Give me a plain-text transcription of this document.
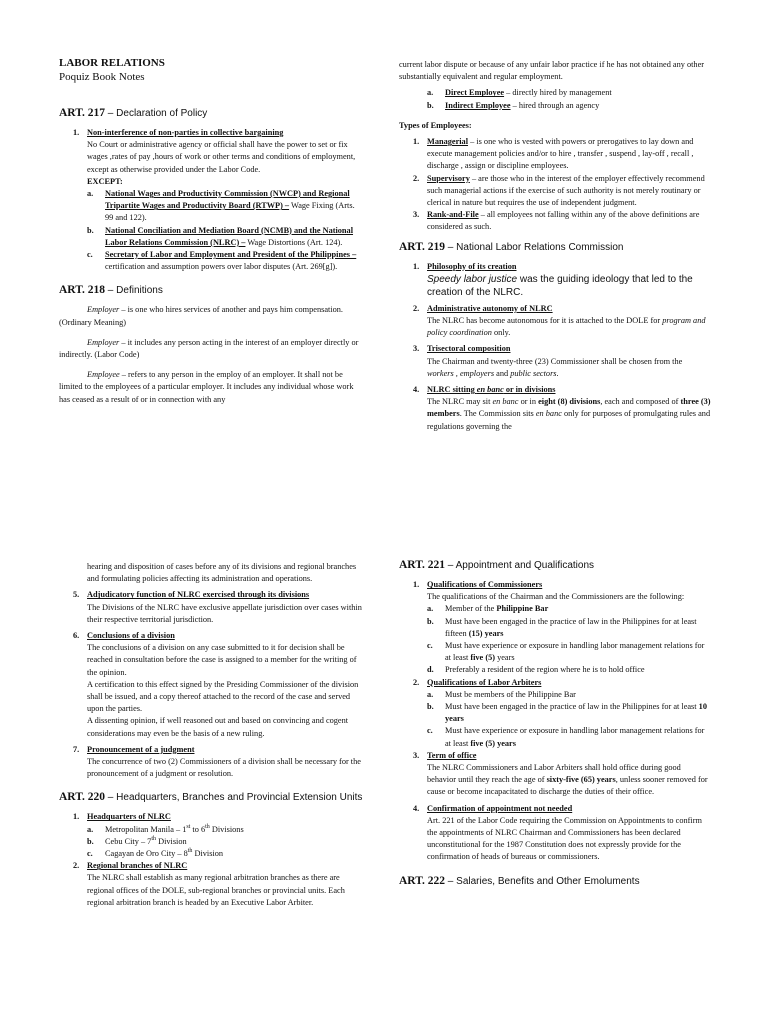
LABOR RELATIONS
Poquiz Book Notes
ART. 217 – Declaration of Policy
1. Non-interference of non-parties in collective bargaining

No Court or administrative agency or official shall have the power to set or fix wages ,rates of pay ,hours of work or other terms and conditions of employment, except as otherwise provided under the Labor Code.

EXCEPT:
a. National Wages and Productivity Commission (NWCP) and Regional Tripartite Wages and Productivity Board (RTWP) – Wage Fixing (Arts. 99 and 122).
b. National Conciliation and Mediation Board (NCMB) and the National Labor Relations Commission (NLRC) – Wage Distortions (Art. 124).
c. Secretary of Labor and Employment and President of the Philippines – certification and assumption powers over labor disputes (Art. 269[g]).
ART. 218 – Definitions

Employer – is one who hires services of another and pays him compensation. (Ordinary Meaning)

Employer – it includes any person acting in the interest of an employer directly or indirectly. (Labor Code)

Employee – refers to any person in the employ of an employer. It shall not be limited to the employees of a particular employer. It includes any individual whose work has ceased as a result of or in connection with any

current labor dispute or because of any unfair labor practice if he has not obtained any other substantially equivalent and regular employment.

a. Direct Employee – directly hired by management
b. Indirect Employee – hired through an agency

Types of Employees:

1. Managerial – is one who is vested with powers or prerogatives to lay down and execute management policies and/or to hire , transfer , suspend , lay-off , recall , discharge , assign or discipline employees.
2. Supervisory – are those who in the interest of the employer effectively recommend such managerial actions if the exercise of such authority is not merely routinary or clerical in nature but requires the use of independent judgment.
3. Rank-and-File – all employees not falling within any of the above definitions are considered as such.
ART. 219 – National Labor Relations Commission
1. Philosophy of its creation

Speedy labor justice was the guiding ideology that led to the creation of the NLRC.

2. Administrative autonomy of NLRC

The NLRC has become autonomous for it is attached to the DOLE for program and policy coordination only.

3. Trisectoral composition

The Chairman and twenty-three (23) Commissioner shall be chosen from the workers , employers and public sectors.

4. NLRC sitting en banc or in divisions

The NLRC may sit en banc or in eight (8) divisions, each and composed of three (3) members. The Commission sits en banc only for purposes of promulgating rules and regulations governing the

hearing and disposition of cases before any of its divisions and regional branches and formulating policies affecting its administration and operations.

5. Adjudicatory function of NLRC exercised through its divisions

The Divisions of the NLRC have exclusive appellate jurisdiction over cases within their respective territorial jurisdiction.

6. Conclusions of a division

The conclusions of a division on any case submitted to it for decision shall be reached in consultation before the case is assigned to a member for the writing of the opinion.

A certification to this effect signed by the Presiding Commissioner of the division shall be issued, and a copy thereof attached to the record of the case and served upon the parties.

A dissenting opinion, if well reasoned out and based on convincing and cogent considerations may even be the basis of a new ruling.

7. Pronouncement of a judgment

The concurrence of two (2) Commissioners of a division shall be necessary for the pronouncement of a judgment or resolution.

ART. 220 – Headquarters, Branches and Provincial Extension Units
1. Headquarters of NLRC
a. Metropolitan Manila – 1st to 6th Divisions
b. Cebu City – 7th Division
c. Cagayan de Oro City – 8th Division
2. Regional branches of NLRC

The NLRC shall establish as many regional arbitration branches as there are regional offices of the DOLE, sub-regional branches or provincial units. Each regional arbitration branch is headed by an Executive Labor Arbiter.

ART. 221 – Appointment and Qualifications
1. Qualifications of Commissioners

The qualifications of the Chairman and the Commissioners are the following:

a. Member of the Philippine Bar
b. Must have been engaged in the practice of law in the Philippines for at least fifteen (15) years
c. Must have experience or exposure in handling labor management relations for at least five (5) years
d. Preferably a resident of the region where he is to hold office
2. Qualifications of Labor Arbiters
a. Must be members of the Philippine Bar
b. Must have been engaged in the practice of law in the Philippines for at least 10 years
c. Must have experience or exposure in handling labor management relations for at least five (5) years
3. Term of office

The NLRC Commissioners and Labor Arbiters shall hold office during good behavior until they reach the age of sixty-five (65) years, unless sooner removed for cause or become incapacitated to discharge the duties of their office.

4. Confirmation of appointment not needed

Art. 221 of the Labor Code requiring the Commission on Appointments to confirm the appointments of NLRC Chairman and Commissioners has been declared unconstitutional for the 1987 Constitution does not expressly provide for the confirmation of heads of bureaus or commissioners.

ART. 222 – Salaries, Benefits and Other Emoluments
